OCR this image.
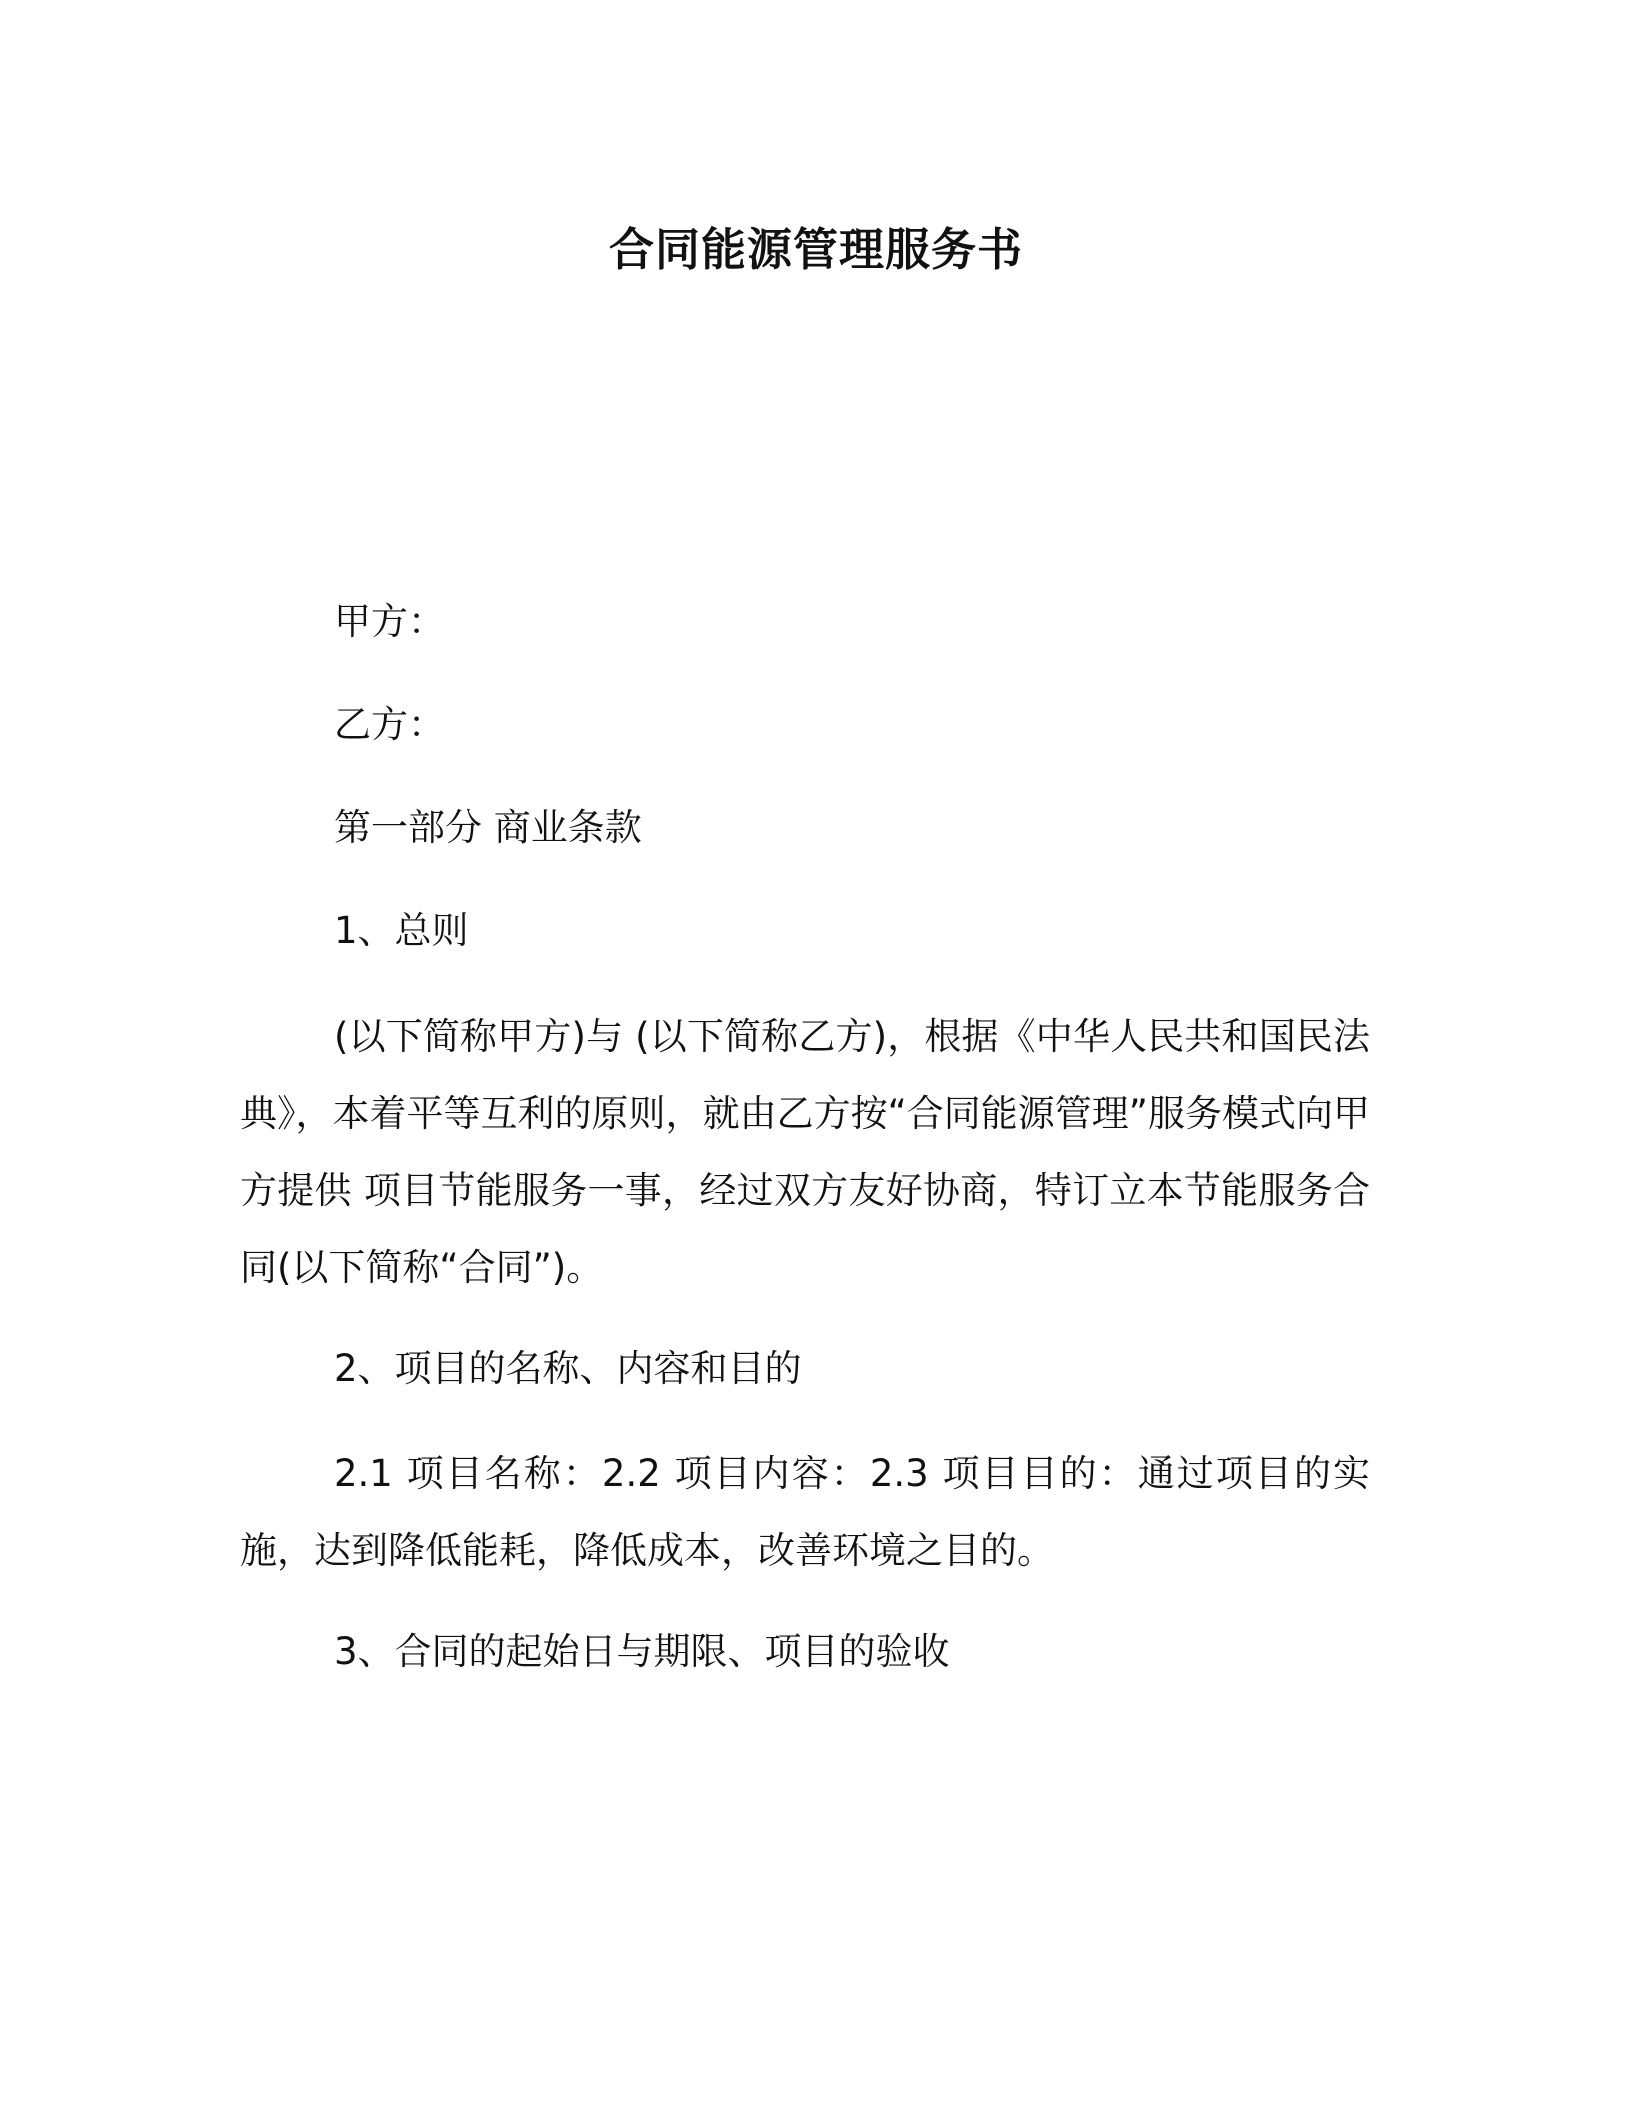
合同能源管理服务书
甲方：
乙方：
第一部分 商业条款
1、总则
(以下简称甲方)与 (以下简称乙方)，根据《中华人民共和国民法典》，本着平等互利的原则，就由乙方按“合同能源管理”服务模式向甲方提供 项目节能服务一事，经过双方友好协商，特订立本节能服务合同(以下简称“合同”)。
2、项目的名称、内容和目的
2.1 项目名称：2.2 项目内容：2.3 项目目的：通过项目的实施，达到降低能耗，降低成本，改善环境之目的。
3、合同的起始日与期限、项目的验收
